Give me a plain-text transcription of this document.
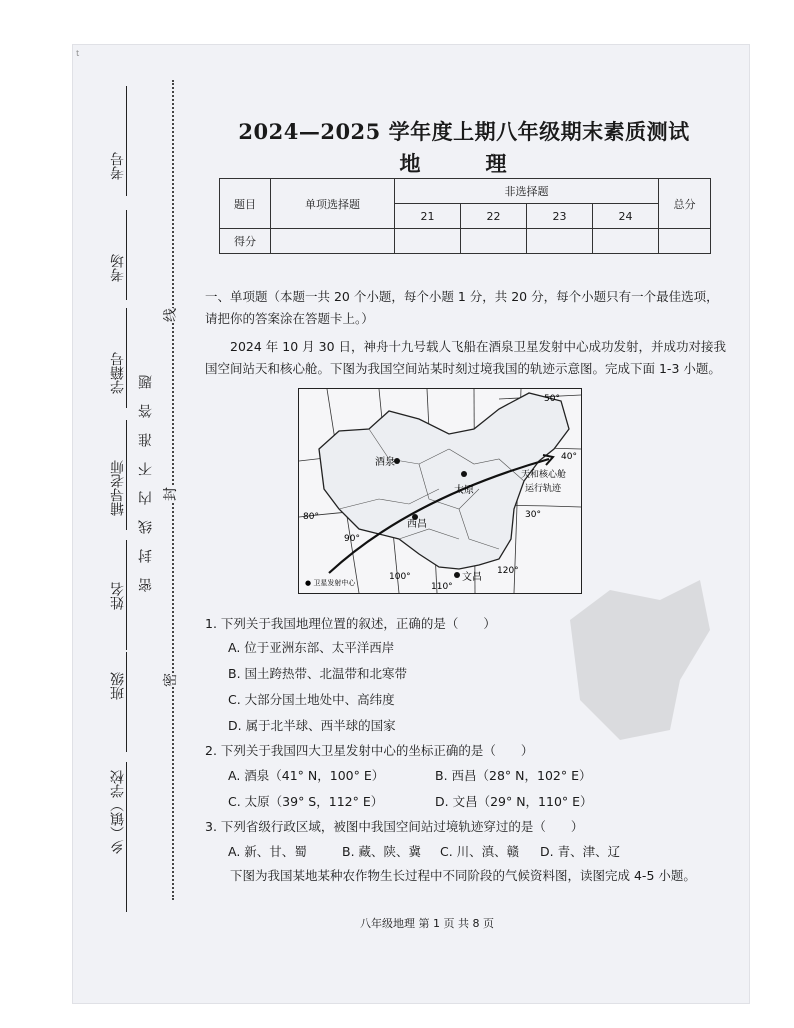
t
考号
考场
学籍号
辅导老师
姓名
班级
乡（镇）学校
密封线内不准答题
线
封
密
2024—2025 学年度上期八年级期末素质测试
地　理
题目	单项选择题	非选择题				总分
		21	22	23	24	
得分						
一、单项题（本题一共 20 个小题，每个小题 1 分，共 20 分，每个小题只有一个最佳选项，
请把你的答案涂在答题卡上。）
2024 年 10 月 30 日，神舟十九号载人飞船在酒泉卫星发射中心成功发射，并成功对接我
国空间站天和核心舱。下图为我国空间站某时刻过境我国的轨迹示意图。完成下面 1-3 小题。
酒泉
太原
西昌
文昌
天和核心舱
运行轨迹
50°
40°
30°
80°
90°
100°
110°
120°
● 卫星发射中心
1. 下列关于我国地理位置的叙述，正确的是（　　）
A. 位于亚洲东部、太平洋西岸
B. 国土跨热带、北温带和北寒带
C. 大部分国土地处中、高纬度
D. 属于北半球、西半球的国家
2. 下列关于我国四大卫星发射中心的坐标正确的是（　　）
A. 酒泉（41° N，100° E）	B. 西昌（28° N，102° E）
C. 太原（39° S，112° E）	D. 文昌（29° N，110° E）
3. 下列省级行政区域，被图中我国空间站过境轨迹穿过的是（　　）
A. 新、甘、蜀	B. 藏、陕、冀 C. 川、滇、赣 D. 青、津、辽
下图为我国某地某种农作物生长过程中不同阶段的气候资料图，读图完成 4-5 小题。
八年级地理 第 1 页 共 8 页
